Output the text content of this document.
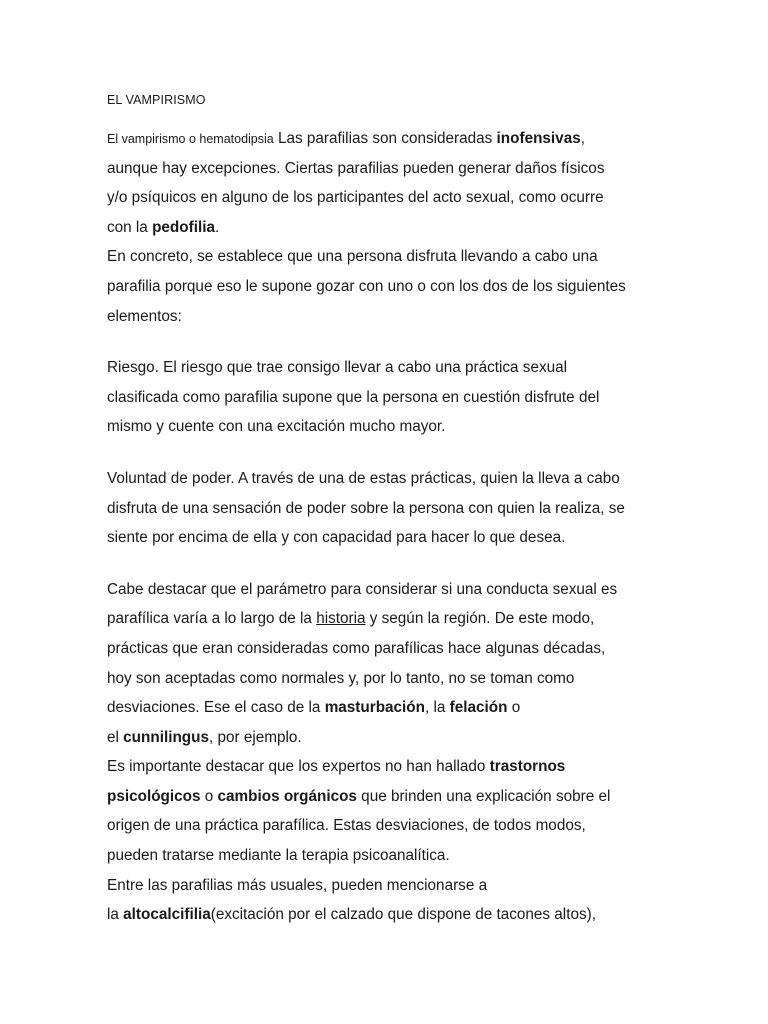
EL VAMPIRISMO
El vampirismo o hematodipsia Las parafilias son consideradas inofensivas,
aunque hay excepciones. Ciertas parafilias pueden generar daños físicos
y/o psíquicos en alguno de los participantes del acto sexual, como ocurre
con la pedofilia.
En concreto, se establece que una persona disfruta llevando a cabo una
parafilia porque eso le supone gozar con uno o con los dos de los siguientes
elementos:
Riesgo. El riesgo que trae consigo llevar a cabo una práctica sexual
clasificada como parafilia supone que la persona en cuestión disfrute del
mismo y cuente con una excitación mucho mayor.
Voluntad de poder. A través de una de estas prácticas, quien la lleva a cabo
disfruta de una sensación de poder sobre la persona con quien la realiza, se
siente por encima de ella y con capacidad para hacer lo que desea.
Cabe destacar que el parámetro para considerar si una conducta sexual es
parafílica varía a lo largo de la historia y según la región. De este modo,
prácticas que eran consideradas como parafílicas hace algunas décadas,
hoy son aceptadas como normales y, por lo tanto, no se toman como
desviaciones. Ese el caso de la masturbación, la felación o
el cunnilingus, por ejemplo.
Es importante destacar que los expertos no han hallado trastornos
psicológicos o cambios orgánicos que brinden una explicación sobre el
origen de una práctica parafílica. Estas desviaciones, de todos modos,
pueden tratarse mediante la terapia psicoanalítica.
Entre las parafilias más usuales, pueden mencionarse a
la altocalcifilia(excitación por el calzado que dispone de tacones altos),
